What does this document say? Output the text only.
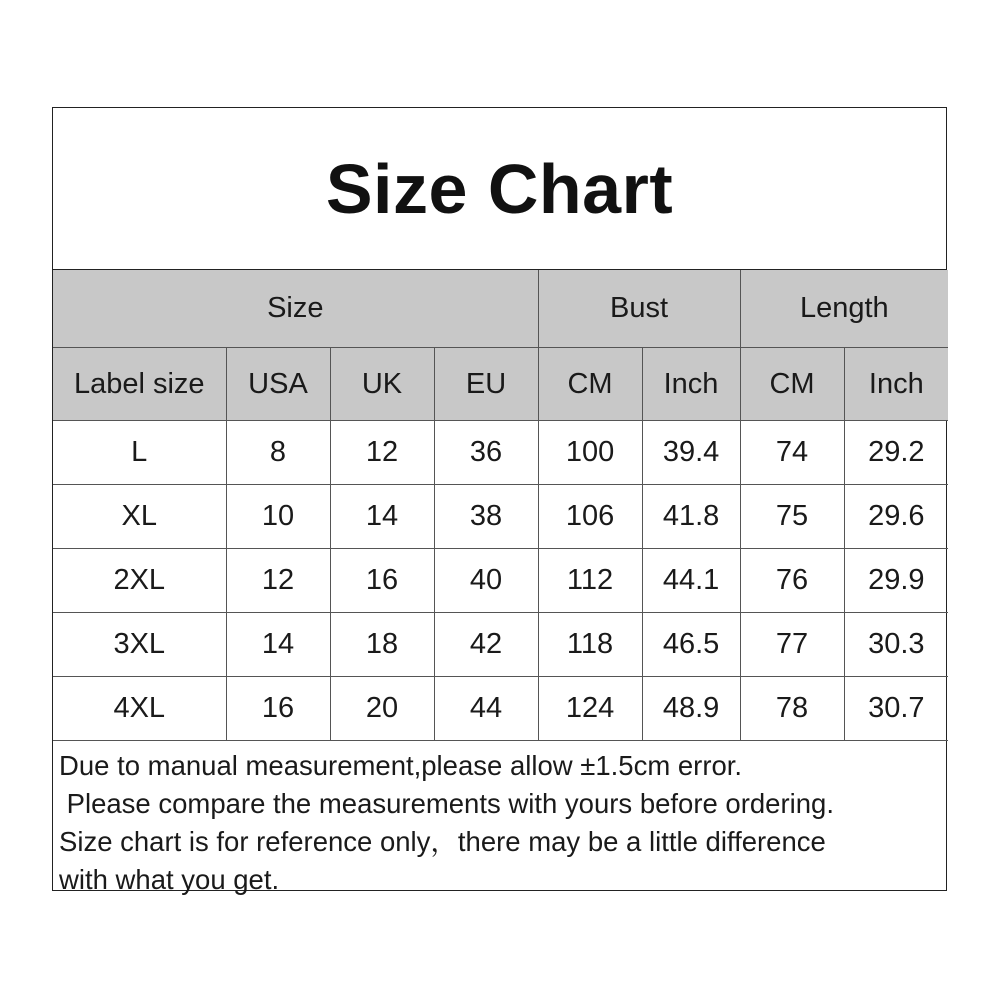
Size Chart
Size				Bust		Length	
Label size	USA	UK	EU	CM	Inch	CM	Inch
L	8	12	36	100	39.4	74	29.2
XL	10	14	38	106	41.8	75	29.6
2XL	12	16	40	112	44.1	76	29.9
3XL	14	18	42	118	46.5	77	30.3
4XL	16	20	44	124	48.9	78	30.7
Due to manual measurement,please allow ±1.5cm error.
Please compare the measurements with yours before ordering.
Size chart is for reference only，there may be a little difference
with what you get.
